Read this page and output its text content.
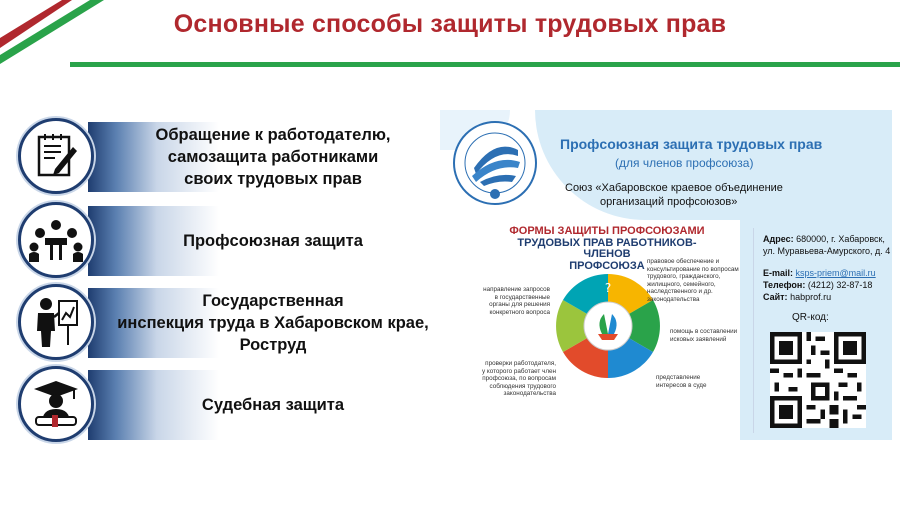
Основные способы защиты трудовых прав
Обращение к работодателю,
самозащита работниками
своих трудовых прав
Профсоюзная защита
Государственная
инспекция труда в Хабаровском крае,
Роструд
Судебная защита
Профсоюзная защита трудовых прав
(для членов профсоюза)
Союз «Хабаровское краевое объединение
организаций профсоюзов»
ФОРМЫ ЗАЩИТЫ ПРОФСОЮЗАМИ
ТРУДОВЫХ ПРАВ РАБОТНИКОВ-ЧЛЕНОВ
ПРОФСОЮЗА
?
направление запросов
в государственные
органы для решения
конкретного вопроса
правовое обеспечение и
консультирование по вопросам
трудового, гражданского,
жилищного, семейного,
наследственного и др.
законодательства
помощь в составлении
исковых заявлений
проверки работодателя,
у которого работает член
профсоюза, по вопросам
соблюдения трудового
законодательства
представление
интересов в суде
Адрес: 680000, г. Хабаровск,
ул. Муравьева-Амурского, д. 4
E-mail: ksps-priem@mail.ru
Телефон: (4212) 32-87-18
Сайт: habprof.ru
QR-код:
